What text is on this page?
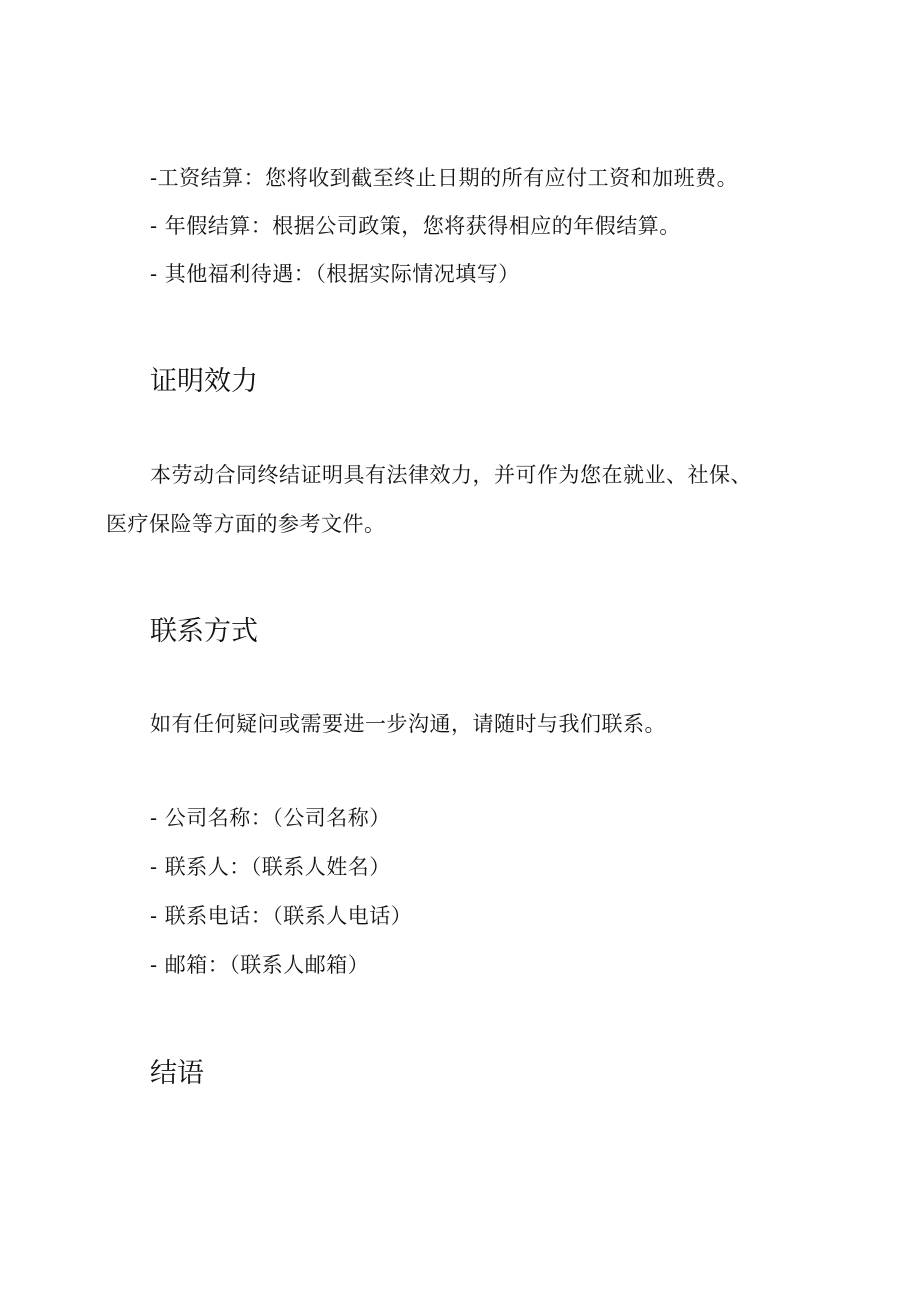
-工资结算：您将收到截至终止日期的所有应付工资和加班费。
- 年假结算：根据公司政策，您将获得相应的年假结算。
- 其他福利待遇：（根据实际情况填写）
证明效力
本劳动合同终结证明具有法律效力，并可作为您在就业、社保、
医疗保险等方面的参考文件。
联系方式
如有任何疑问或需要进一步沟通，请随时与我们联系。
- 公司名称：（公司名称）
- 联系人：（联系人姓名）
- 联系电话：（联系人电话）
- 邮箱：（联系人邮箱）
结语
